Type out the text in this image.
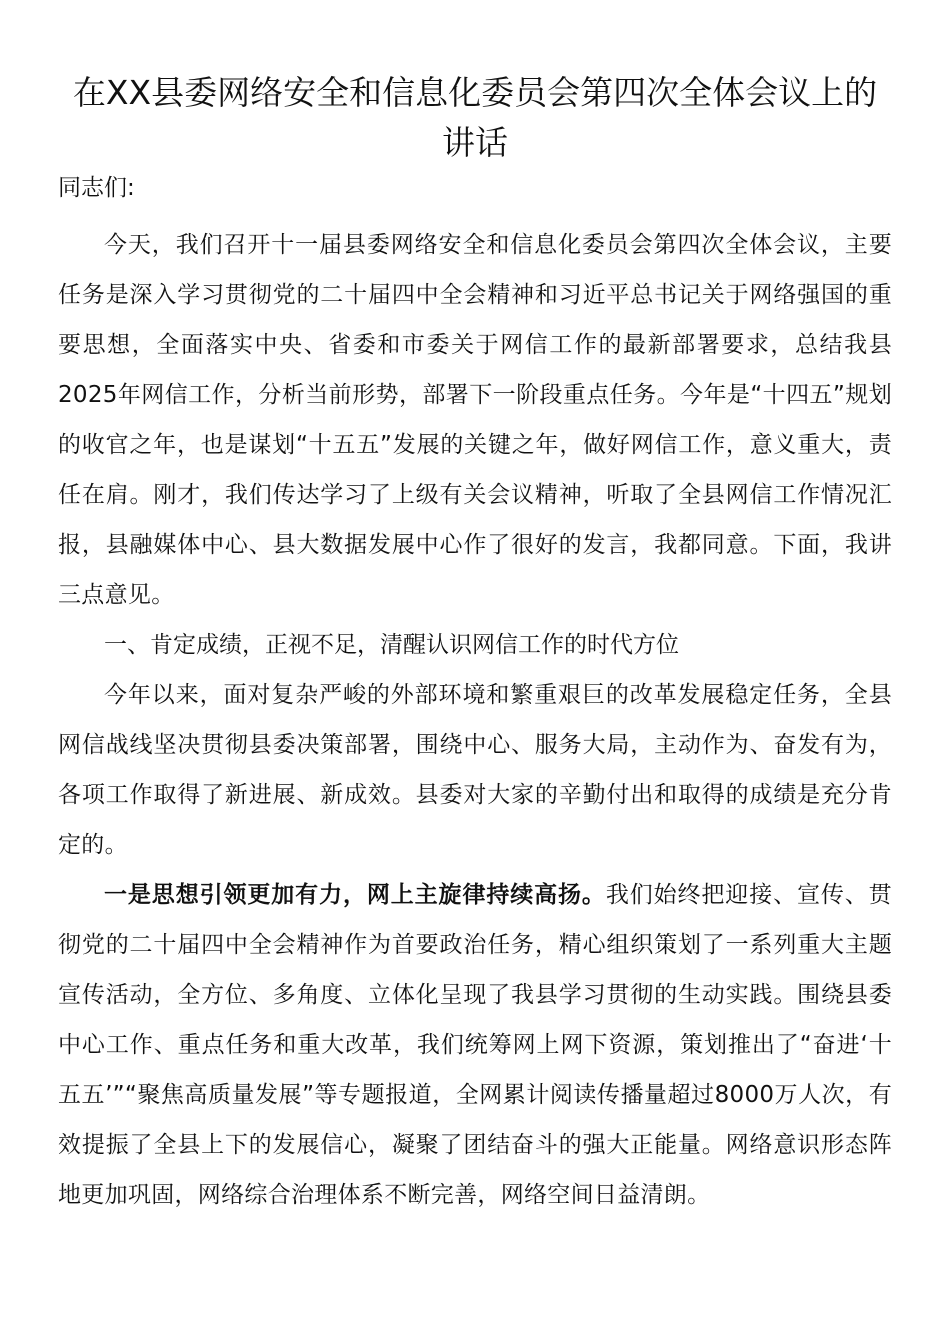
在XX县委网络安全和信息化委员会第四次全体会议上的讲话

同志们:

今天，我们召开十一届县委网络安全和信息化委员会第四次全体会议，主要任务是深入学习贯彻党的二十届四中全会精神和习近平总书记关于网络强国的重要思想，全面落实中央、省委和市委关于网信工作的最新部署要求，总结我县2025年网信工作，分析当前形势，部署下一阶段重点任务。今年是“十四五”规划的收官之年，也是谋划“十五五”发展的关键之年，做好网信工作，意义重大，责任在肩。刚才，我们传达学习了上级有关会议精神，听取了全县网信工作情况汇报，县融媒体中心、县大数据发展中心作了很好的发言，我都同意。下面，我讲三点意见。

一、肯定成绩，正视不足，清醒认识网信工作的时代方位

今年以来，面对复杂严峻的外部环境和繁重艰巨的改革发展稳定任务，全县网信战线坚决贯彻县委决策部署，围绕中心、服务大局，主动作为、奋发有为，各项工作取得了新进展、新成效。县委对大家的辛勤付出和取得的成绩是充分肯定的。

一是思想引领更加有力，网上主旋律持续高扬。我们始终把迎接、宣传、贯彻党的二十届四中全会精神作为首要政治任务，精心组织策划了一系列重大主题宣传活动，全方位、多角度、立体化呈现了我县学习贯彻的生动实践。围绕县委中心工作、重点任务和重大改革，我们统筹网上网下资源，策划推出了“奋进‘十五五’”“聚焦高质量发展”等专题报道，全网累计阅读传播量超过8000万人次，有效提振了全县上下的发展信心，凝聚了团结奋斗的强大正能量。网络意识形态阵地更加巩固，网络综合治理体系不断完善，网络空间日益清朗。
